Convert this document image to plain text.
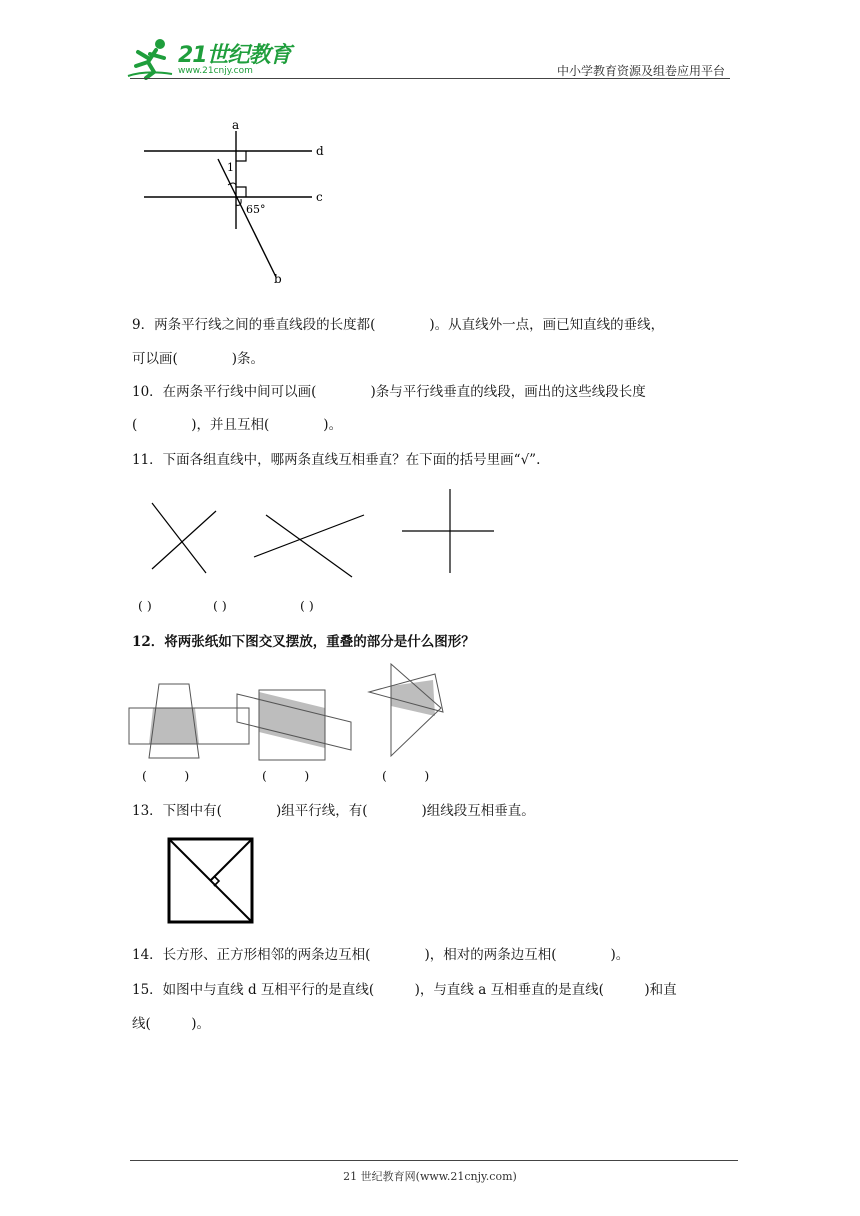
21世纪教育
www.21cnjy.com	中小学教育资源及组卷应用平台
a
d
c
b
1
65°
9．两条平行线之间的垂直线段的长度都(　　　　)。从直线外一点，画已知直线的垂线，
可以画(　　　　)条。
10．在两条平行线中间可以画(　　　　)条与平行线垂直的线段，画出的这些线段长度
(　　　　)，并且互相(　　　　)。
11．下面各组直线中，哪两条直线互相垂直？在下面的括号里画“√”.
( )	( )	( )
12．将两张纸如下图交叉摆放，重叠的部分是什么图形？
(　　　)	(　　　)	(　　　)
13．下图中有(　　　　)组平行线，有(　　　　)组线段互相垂直。
14．长方形、正方形相邻的两条边互相(　　　　)，相对的两条边互相(　　　　)。
15．如图中与直线 d 互相平行的是直线(　　　)，与直线 a 互相垂直的是直线(　　　)和直
线(　　　)。
21 世纪教育网(www.21cnjy.com)
